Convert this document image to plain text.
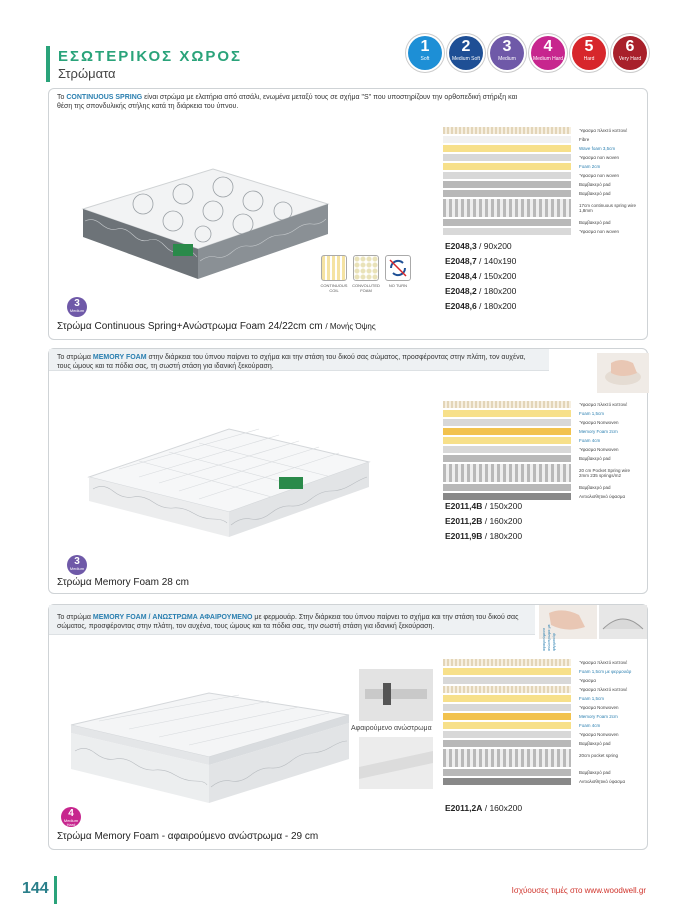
ΕΣΩΤΕΡΙΚΟΣ ΧΩΡΟΣ
Στρώματα
1
Soft
2
Medium Soft
3
Medium
4
Medium Hard
5
Hard
6
Very Hard
Το CONTINUOUS SPRING είναι στρώμα με ελατήρια από ατσάλι, ενωμένα μεταξύ τους σε σχήμα "S" που υποστηρίζουν την ορθοπεδική στήριξη και θέση της σπονδυλικής στήλης κατά τη διάρκεια του ύπνου.
CONTINUOUS COIL
CONVOLUTED FOAM
NO TURN
Ύφασμα πλεκτό κοττονέ
Fibre
Wave foam 3,5cm
Ύφασμα non woven
Foam 2cm
Ύφασμα non woven
Βαμβακερό pad
Βαμβακερό pad
17cm continuous spring wire 1,8mm
Βαμβακερό pad
Ύφασμα non woven
E2048,3 / 90x200
E2048,7 / 140x190
E2048,4 / 150x200
E2048,2 / 180x200
E2048,6 / 180x200
3
Medium
Στρώμα Continuous Spring+Ανώστρωμα Foam 24/22cm cm / Μονής Όψης
Το στρώμα MEMORY FOAM στην διάρκεια του ύπνου παίρνει το σχήμα και την στάση του δικού σας σώματος, προσφέροντας στην πλάτη, τον αυχένα, τους ώμους και τα πόδια σας, τη σωστή στάση για ιδανική ξεκούραση.
Ύφασμα πλεκτό κοττονέ
Foam 1,5cm
Ύφασμα Nonwoven
Memory Foam 2cm
Foam 4cm
Ύφασμα Nonwoven
Βαμβακερό pad
20 cm Pocket Spring wire 2mm 235 springs/m2
Βαμβακερό pad
Αντιολισθητικό ύφασμα
E2011,4B / 150x200
E2011,2B / 160x200
E2011,9B / 180x200
3
Medium
Στρώμα Memory Foam 28 cm
Το στρώμα MEMORY FOAM / ΑΝΩΣΤΡΩΜΑ ΑΦΑΙΡΟΥΜΕΝΟ με φερμουάρ. Στην διάρκεια του ύπνου παίρνει το σχήμα και την στάση του δικού σας σώματος, προσφέροντας στην πλάτη, τον αυχένα, τους ώμους και τα πόδια σας, την σωστή στάση για ιδανική ξεκούραση.
Αφαιρούμενο ανώστρωμα
Ύφασμα πλεκτό κοττονέ
Foam 1,5cm με φερμουάρ
Ύφασμα
Ύφασμα πλεκτό κοττονέ
Foam 1,5cm
Ύφασμα Nonwoven
Memory Foam 2cm
Foam 4cm
Ύφασμα Nonwoven
Βαμβακερό pad
20cm pocket spring
Βαμβακερό pad
Αντιολισθητικό ύφασμα
αφαιρούμενο ανώστρωμα με φερμουάρ
E2011,2A / 160x200
4
Medium Hard
Στρώμα Memory Foam - αφαιρούμενο ανώστρωμα - 29 cm
144	Ισχύουσες τιμές στο www.woodwell.gr
